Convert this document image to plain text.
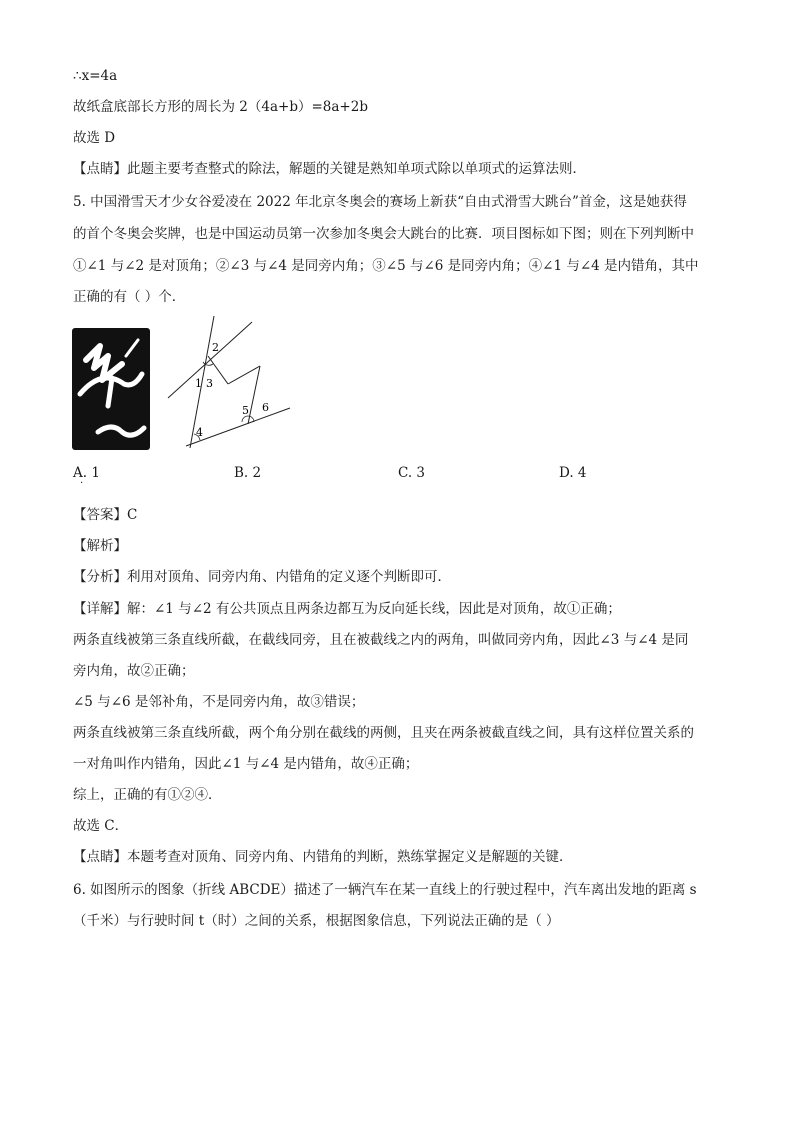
∴x=4a
故纸盒底部长方形的周长为 2（4a+b）=8a+2b
故选 D
【点睛】此题主要考查整式的除法，解题的关键是熟知单项式除以单项式的运算法则．
5. 中国滑雪天才少女谷爱凌在 2022 年北京冬奥会的赛场上新获“自由式滑雪大跳台”首金，这是她获得
的首个冬奥会奖牌，也是中国运动员第一次参加冬奥会大跳台的比赛．项目图标如下图；则在下列判断中
①∠1 与∠2 是对顶角；②∠3 与∠4 是同旁内角；③∠5 与∠6 是同旁内角；④∠1 与∠4 是内错角，其中
正确的有（ ）个．
1
2
3
4
5 6
A. 1	B. 2	C. 3	D. 4
·
【答案】C
【解析】
【分析】利用对顶角、同旁内角、内错角的定义逐个判断即可．
【详解】解：∠1 与∠2 有公共顶点且两条边都互为反向延长线，因此是对顶角，故①正确；
两条直线被第三条直线所截，在截线同旁，且在被截线之内的两角，叫做同旁内角，因此∠3 与∠4 是同
旁内角，故②正确；
∠5 与∠6 是邻补角，不是同旁内角，故③错误；
两条直线被第三条直线所截，两个角分别在截线的两侧，且夹在两条被截直线之间，具有这样位置关系的
一对角叫作内错角，因此∠1 与∠4 是内错角，故④正确；
综上，正确的有①②④．
故选 C．
【点睛】本题考查对顶角、同旁内角、内错角的判断，熟练掌握定义是解题的关键．
6. 如图所示的图象（折线 ABCDE）描述了一辆汽车在某一直线上的行驶过程中，汽车离出发地的距离 s
（千米）与行驶时间 t（时）之间的关系，根据图象信息，下列说法正确的是（ ）
